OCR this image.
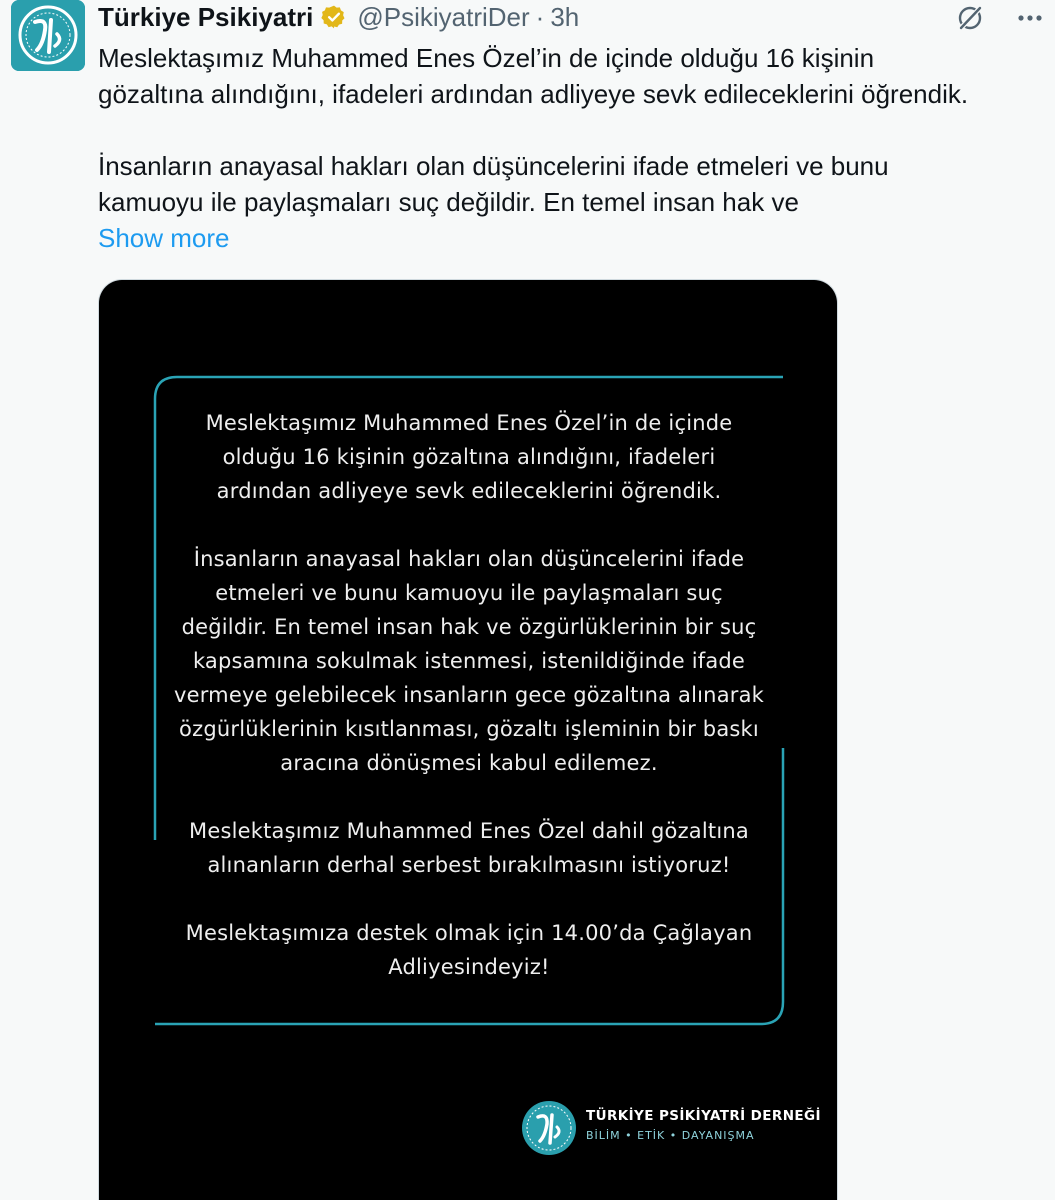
Türkiye Psikiyatri @PsikiyatriDer · 3h

Meslektaşımız Muhammed Enes Özel’in de içinde olduğu 16 kişinin

gözaltına alındığını, ifadeleri ardından adliyeye sevk edileceklerini öğrendik.

İnsanların anayasal hakları olan düşüncelerini ifade etmeleri ve bunu

kamuoyu ile paylaşmaları suç değildir. En temel insan hak ve

Show more
Meslektaşımız Muhammed Enes Özel’in de içinde
olduğu 16 kişinin gözaltına alındığını, ifadeleri
ardından adliyeye sevk edileceklerini öğrendik.
İnsanların anayasal hakları olan düşüncelerini ifade
etmeleri ve bunu kamuoyu ile paylaşmaları suç
değildir. En temel insan hak ve özgürlüklerinin bir suç
kapsamına sokulmak istenmesi, istenildiğinde ifade
vermeye gelebilecek insanların gece gözaltına alınarak
özgürlüklerinin kısıtlanması, gözaltı işleminin bir baskı
aracına dönüşmesi kabul edilemez.
Meslektaşımız Muhammed Enes Özel dahil gözaltına
alınanların derhal serbest bırakılmasını istiyoruz!
Meslektaşımıza destek olmak için 14.00’da Çağlayan
Adliyesindeyiz!
TÜRKİYE PSİKİYATRİ DERNEĞİ
BİLİM • ETİK • DAYANIŞMA
